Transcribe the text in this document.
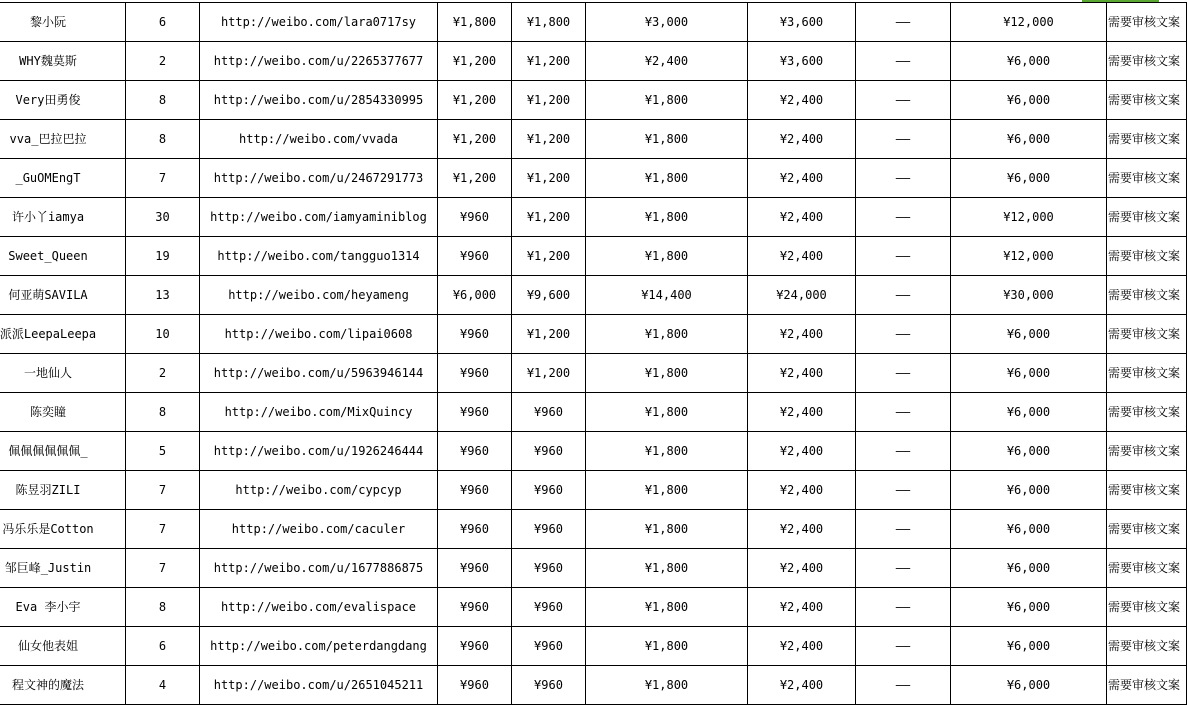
黎小阮	6	http://weibo.com/lara0717sy	¥1,800	¥1,800	¥3,000	¥3,600	——	¥12,000	需要审核文案
WHY魏莫斯	2	http://weibo.com/u/2265377677	¥1,200	¥1,200	¥2,400	¥3,600	——	¥6,000	需要审核文案
Very田勇俊	8	http://weibo.com/u/2854330995	¥1,200	¥1,200	¥1,800	¥2,400	——	¥6,000	需要审核文案
vva_巴拉巴拉	8	http://weibo.com/vvada	¥1,200	¥1,200	¥1,800	¥2,400	——	¥6,000	需要审核文案
_GuOMEngT	7	http://weibo.com/u/2467291773	¥1,200	¥1,200	¥1,800	¥2,400	——	¥6,000	需要审核文案
许小丫iamya	30	http://weibo.com/iamyaminiblog	¥960	¥1,200	¥1,800	¥2,400	——	¥12,000	需要审核文案
Sweet_Queen	19	http://weibo.com/tangguo1314	¥960	¥1,200	¥1,800	¥2,400	——	¥12,000	需要审核文案
何亚萌SAVILA	13	http://weibo.com/heyameng	¥6,000	¥9,600	¥14,400	¥24,000	——	¥30,000	需要审核文案
派派LeepaLeepa	10	http://weibo.com/lipai0608	¥960	¥1,200	¥1,800	¥2,400	——	¥6,000	需要审核文案
一地仙人	2	http://weibo.com/u/5963946144	¥960	¥1,200	¥1,800	¥2,400	——	¥6,000	需要审核文案
陈奕瞳	8	http://weibo.com/MixQuincy	¥960	¥960	¥1,800	¥2,400	——	¥6,000	需要审核文案
佩佩佩佩佩佩_	5	http://weibo.com/u/1926246444	¥960	¥960	¥1,800	¥2,400	——	¥6,000	需要审核文案
陈昱羽ZILI	7	http://weibo.com/cypcyp	¥960	¥960	¥1,800	¥2,400	——	¥6,000	需要审核文案
冯乐乐是Cotton	7	http://weibo.com/caculer	¥960	¥960	¥1,800	¥2,400	——	¥6,000	需要审核文案
邹巨峰_Justin	7	http://weibo.com/u/1677886875	¥960	¥960	¥1,800	¥2,400	——	¥6,000	需要审核文案
Eva 李小宇	8	http://weibo.com/evalispace	¥960	¥960	¥1,800	¥2,400	——	¥6,000	需要审核文案
仙女他表姐	6	http://weibo.com/peterdangdang	¥960	¥960	¥1,800	¥2,400	——	¥6,000	需要审核文案
程文神的魔法	4	http://weibo.com/u/2651045211	¥960	¥960	¥1,800	¥2,400	——	¥6,000	需要审核文案
